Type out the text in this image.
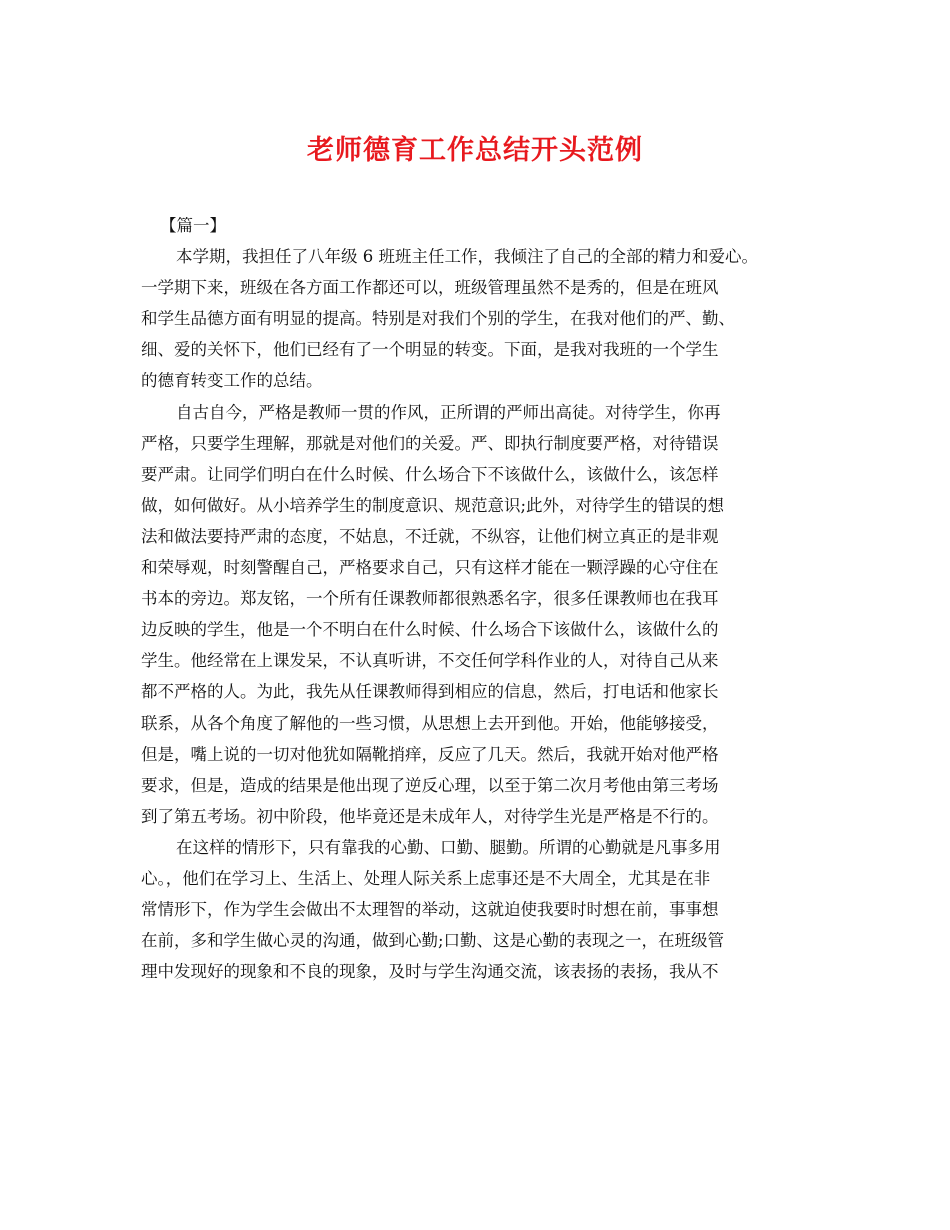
老师德育工作总结开头范例
【篇一】
本学期，我担任了八年级 6 班班主任工作，我倾注了自己的全部的精力和爱心。
一学期下来，班级在各方面工作都还可以，班级管理虽然不是秀的，但是在班风
和学生品德方面有明显的提高。特别是对我们个别的学生，在我对他们的严、勤、
细、爱的关怀下，他们已经有了一个明显的转变。下面，是我对我班的一个学生
的德育转变工作的总结。
自古自今，严格是教师一贯的作风，正所谓的严师出高徒。对待学生，你再
严格，只要学生理解，那就是对他们的关爱。严、即执行制度要严格，对待错误
要严肃。让同学们明白在什么时候、什么场合下不该做什么，该做什么，该怎样
做，如何做好。从小培养学生的制度意识、规范意识;此外，对待学生的错误的想
法和做法要持严肃的态度，不姑息，不迁就，不纵容，让他们树立真正的是非观
和荣辱观，时刻警醒自己，严格要求自己，只有这样才能在一颗浮躁的心守住在
书本的旁边。郑友铭，一个所有任课教师都很熟悉名字，很多任课教师也在我耳
边反映的学生，他是一个不明白在什么时候、什么场合下该做什么，该做什么的
学生。他经常在上课发呆，不认真听讲，不交任何学科作业的人，对待自己从来
都不严格的人。为此，我先从任课教师得到相应的信息，然后，打电话和他家长
联系，从各个角度了解他的一些习惯，从思想上去开到他。开始，他能够接受，
但是，嘴上说的一切对他犹如隔靴捎痒，反应了几天。然后，我就开始对他严格
要求，但是，造成的结果是他出现了逆反心理，以至于第二次月考他由第三考场
到了第五考场。初中阶段，他毕竟还是未成年人，对待学生光是严格是不行的。
在这样的情形下，只有靠我的心勤、口勤、腿勤。所谓的心勤就是凡事多用
心。，他们在学习上、生活上、处理人际关系上虑事还是不大周全，尤其是在非
常情形下，作为学生会做出不太理智的举动，这就迫使我要时时想在前，事事想
在前，多和学生做心灵的沟通，做到心勤;口勤、这是心勤的表现之一，在班级管
理中发现好的现象和不良的现象，及时与学生沟通交流，该表扬的表扬，我从不
